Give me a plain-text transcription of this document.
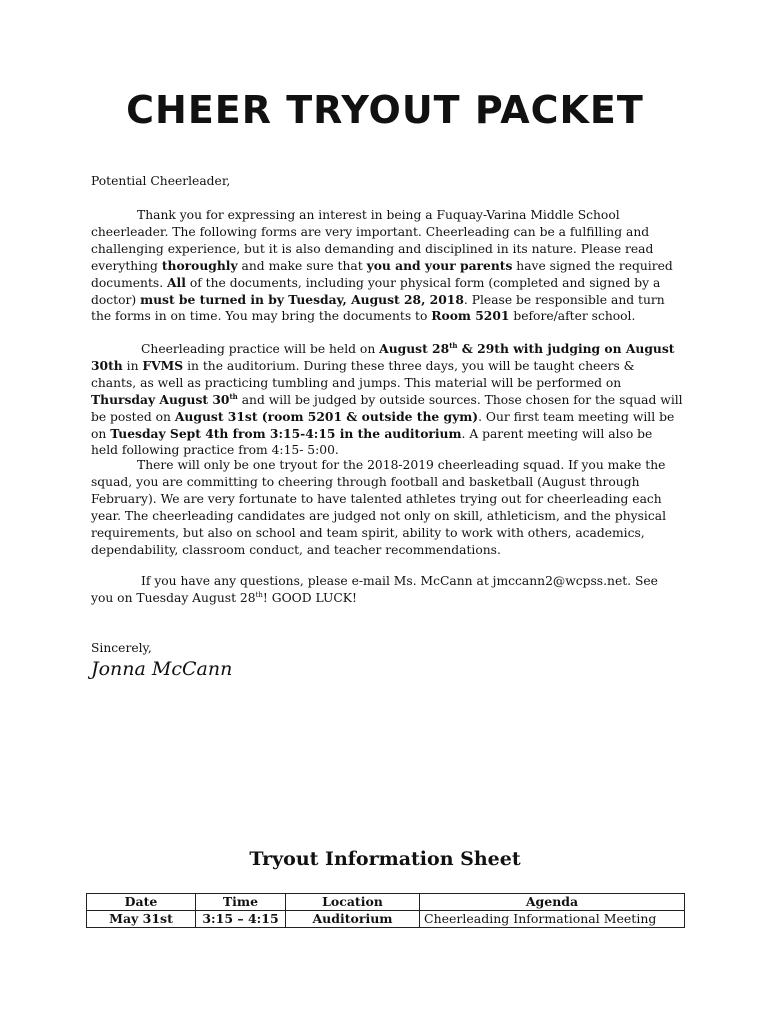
CHEER TRYOUT PACKET
Potential Cheerleader,
Thank you for expressing an interest in being a Fuquay-Varina Middle School cheerleader. The following forms are very important. Cheerleading can be a fulfilling and challenging experience, but it is also demanding and disciplined in its nature. Please read everything thoroughly and make sure that you and your parents have signed the required documents. All of the documents, including your physical form (completed and signed by a doctor) must be turned in by Tuesday, August 28, 2018. Please be responsible and turn the forms in on time. You may bring the documents to Room 5201 before/after school.
Cheerleading practice will be held on August 28th & 29th with judging on August 30th in FVMS in the auditorium. During these three days, you will be taught cheers & chants, as well as practicing tumbling and jumps. This material will be performed on Thursday August 30th and will be judged by outside sources. Those chosen for the squad will be posted on August 31st (room 5201 & outside the gym). Our first team meeting will be on Tuesday Sept 4th from 3:15-4:15 in the auditorium. A parent meeting will also be held following practice from 4:15- 5:00.
There will only be one tryout for the 2018-2019 cheerleading squad. If you make the squad, you are committing to cheering through football and basketball (August through February). We are very fortunate to have talented athletes trying out for cheerleading each year. The cheerleading candidates are judged not only on skill, athleticism, and the physical requirements, but also on school and team spirit, ability to work with others, academics, dependability, classroom conduct, and teacher recommendations.
If you have any questions, please e-mail Ms. McCann at jmccann2@wcpss.net. See you on Tuesday August 28th! GOOD LUCK!
Sincerely,
Jonna McCann
Tryout Information Sheet
Date	Time	Location	Agenda
May 31st	3:15 – 4:15	Auditorium	Cheerleading Informational Meeting
